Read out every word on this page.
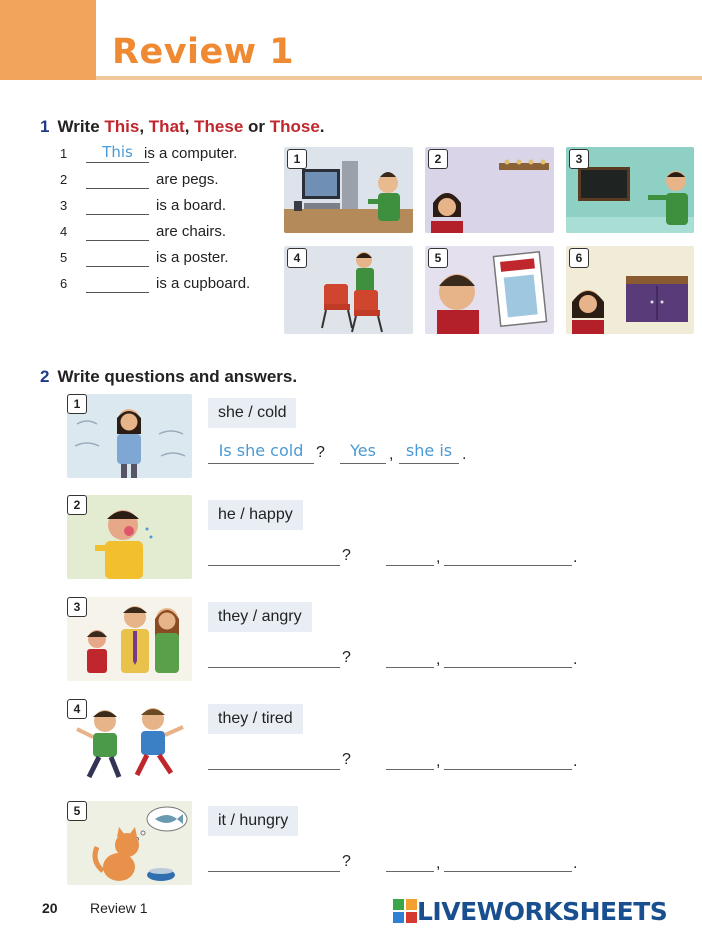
Review 1
1 Write This, That, These or Those.
1	This is a computer.
2	are pegs.
3	is a board.
4	are chairs.
5	is a poster.
6	is a cupboard.
1	2	3
4	5	6
2 Write questions and answers.
1	she / cold
Is she cold ?	Yes , she is .
2
he / happy
?	,	.
3
they / angry
?	,	.
4
they / tired
?	,	.
5
it / hungry
?	,	.
20 Review 1	LIVEWORKSHEETS
